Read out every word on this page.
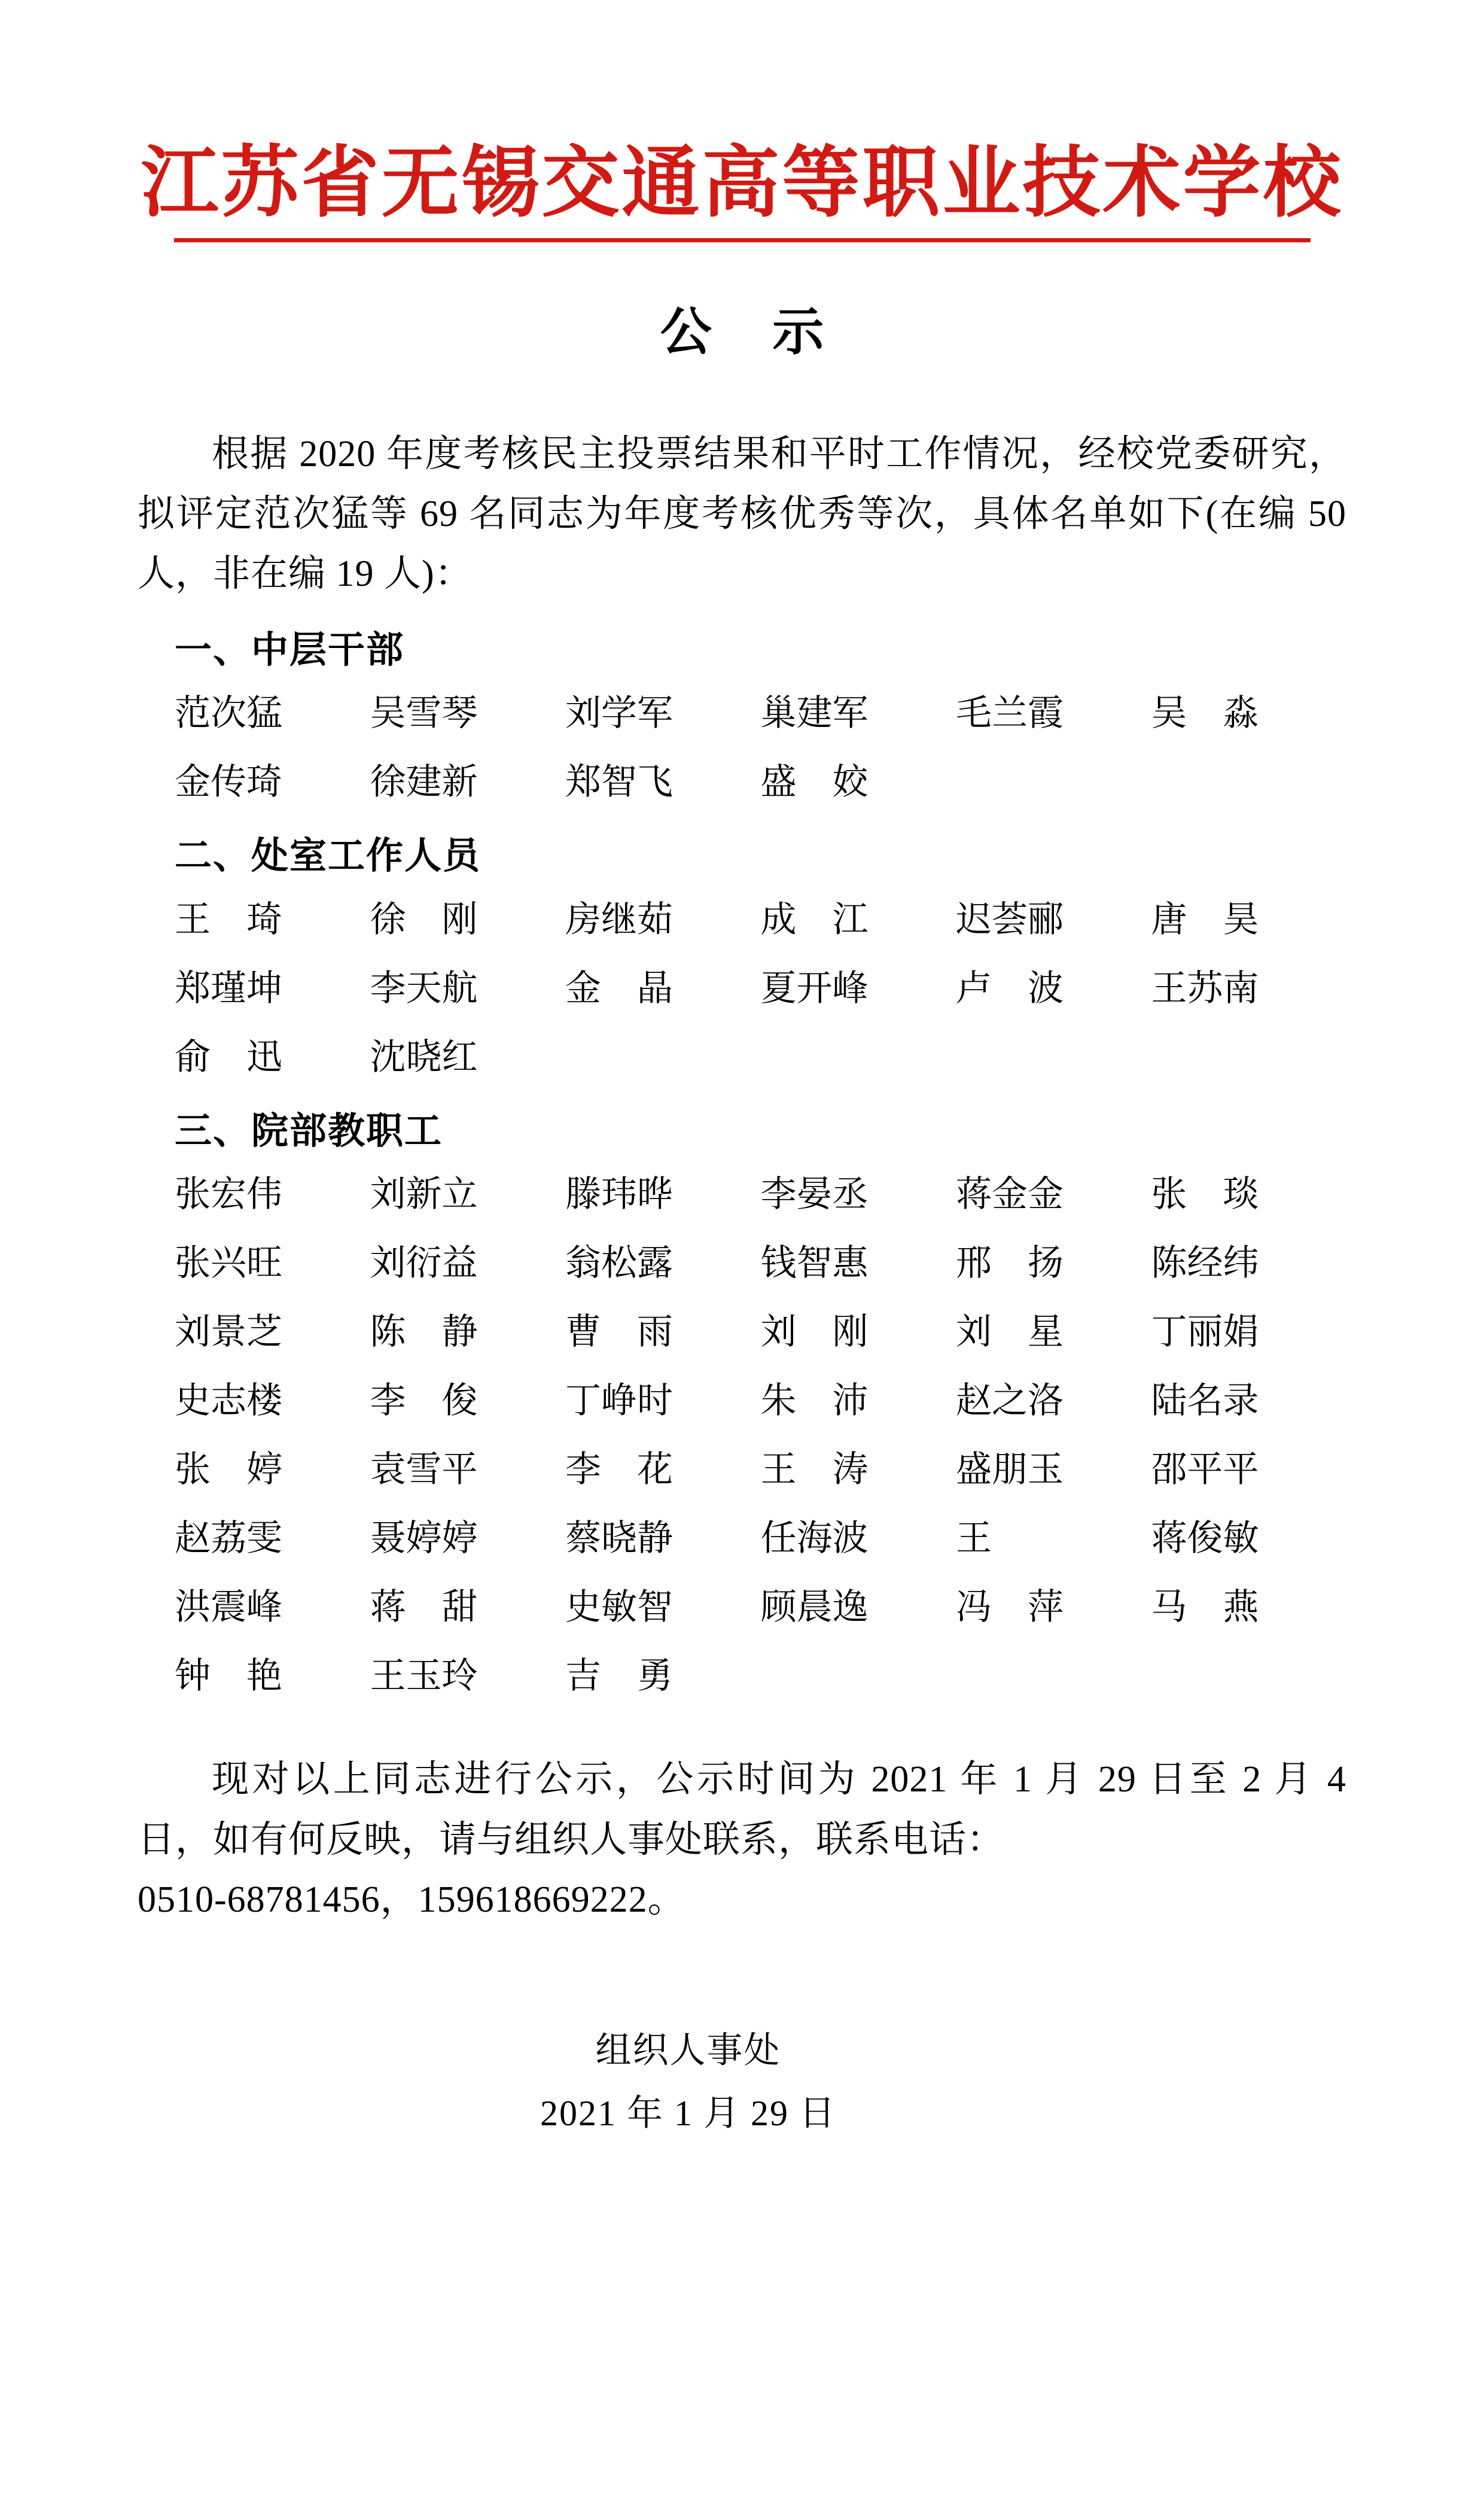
江苏省无锡交通高等职业技术学校
公 示

根据 2020 年度考核民主投票结果和平时工作情况，经校党委研究，拟评定范次猛等 69 名同志为年度考核优秀等次，具体名单如下(在编 50 人，非在编 19 人)：

一、中层干部
范次猛	吴雪琴	刘学军	巢建军	毛兰霞	吴　淼
金传琦	徐建新	郑智飞	盛　姣
二、处室工作人员
王　琦	徐　刚	房继茹	成　江	迟荟郦	唐　昊
郑瑾坤	李天航	金　晶	夏开峰	卢　波	王苏南
俞　迅	沈晓红
三、院部教职工
张宏伟	刘新立	滕玮晔	李晏丞	蒋金金	张　琰
张兴旺	刘衍益	翁松露	钱智惠	邢　扬	陈经纬
刘景芝	陈　静	曹　雨	刘　刚	刘　星	丁丽娟
史志楼	李　俊	丁峥时	朱　沛	赵之洛	陆名录
张　婷	袁雪平	李　花	王　涛	盛朋玉	邵平平
赵荔雯	聂婷婷	蔡晓静	任海波	王	蒋俊敏
洪震峰	蒋　甜	史敏智	顾晨逸	冯　萍	马　燕
钟　艳	王玉玲	吉　勇

现对以上同志进行公示，公示时间为 2021 年 1 月 29 日至 2 月 4 日，如有何反映，请与组织人事处联系，联系电话：

0510-68781456，159618669222。

组织人事处
2021 年 1 月 29 日
